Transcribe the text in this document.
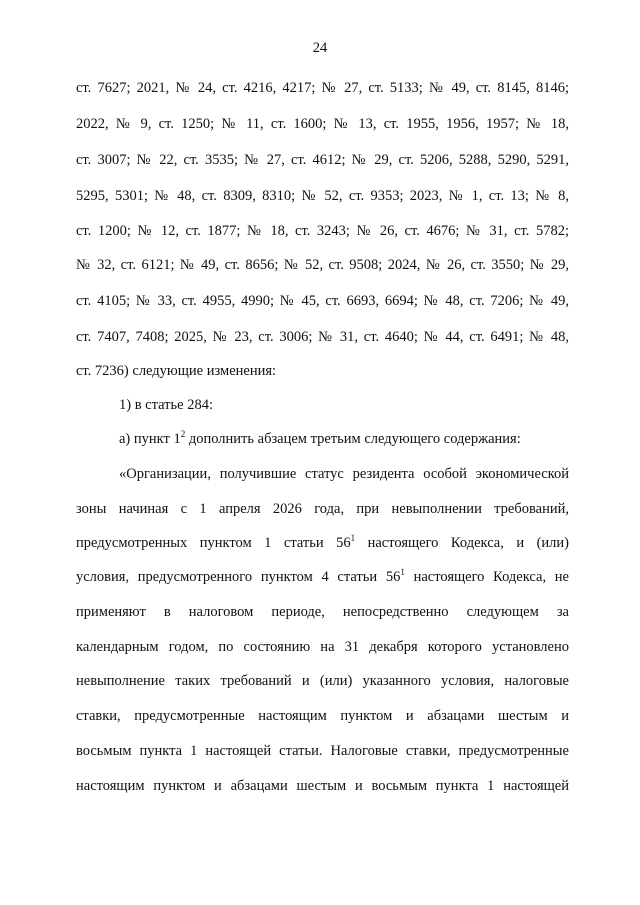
24
ст. 7627; 2021, № 24, ст. 4216, 4217; № 27, ст. 5133; № 49, ст. 8145, 8146;
2022, № 9, ст. 1250; № 11, ст. 1600; № 13, ст. 1955, 1956, 1957; № 18,
ст. 3007; № 22, ст. 3535; № 27, ст. 4612; № 29, ст. 5206, 5288, 5290, 5291,
5295, 5301; № 48, ст. 8309, 8310; № 52, ст. 9353; 2023, № 1, ст. 13; № 8,
ст. 1200; № 12, ст. 1877; № 18, ст. 3243; № 26, ст. 4676; № 31, ст. 5782;
№ 32, ст. 6121; № 49, ст. 8656; № 52, ст. 9508; 2024, № 26, ст. 3550; № 29,
ст. 4105; № 33, ст. 4955, 4990; № 45, ст. 6693, 6694; № 48, ст. 7206; № 49,
ст. 7407, 7408; 2025, № 23, ст. 3006; № 31, ст. 4640; № 44, ст. 6491; № 48,
ст. 7236) следующие изменения:
1) в статье 284:
а) пункт $1^2$ дополнить абзацем третьим следующего содержания:
«Организации, получившие статус резидента особой экономической
зоны начиная с 1 апреля 2026 года, при невыполнении требований,
предусмотренных пунктом 1 статьи $56^1$ настоящего Кодекса, и (или)
условия, предусмотренного пунктом 4 статьи $56^1$ настоящего Кодекса, не
применяют в налоговом периоде, непосредственно следующем за
календарным годом, по состоянию на 31 декабря которого установлено
невыполнение таких требований и (или) указанного условия, налоговые
ставки, предусмотренные настоящим пунктом и абзацами шестым и
восьмым пункта 1 настоящей статьи. Налоговые ставки, предусмотренные
настоящим пунктом и абзацами шестым и восьмым пункта 1 настоящей
